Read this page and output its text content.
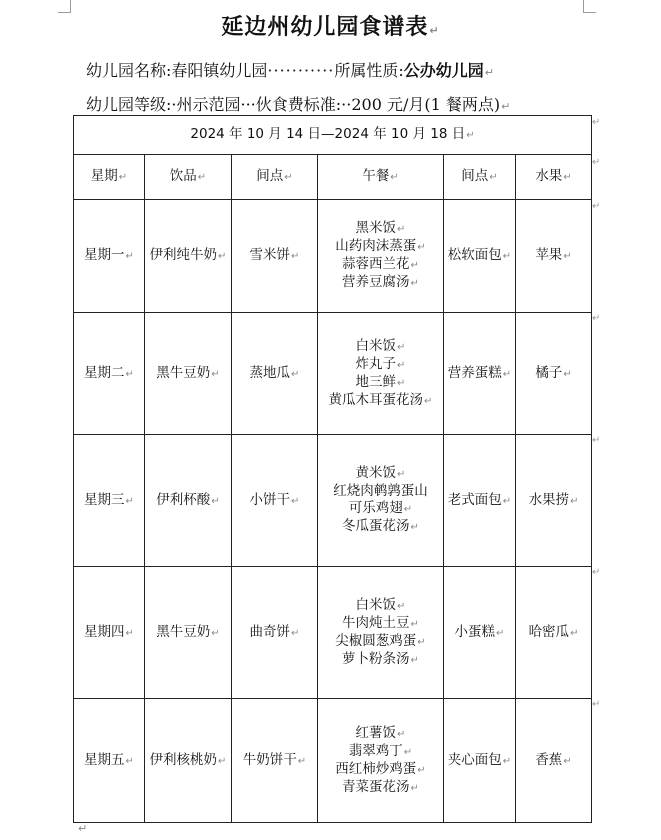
延边州幼儿园食谱表↵
幼儿园名称:春阳镇幼儿园···········所属性质:公办幼儿园↵
幼儿园等级:·州示范园···伙食费标准:··200 元/月(1 餐两点)↵
2024 年 10 月 14 日—2024 年 10 月 18 日↵					
星期↵	饮品↵	间点↵	午餐↵	间点↵	水果↵
星期一↵	伊利纯牛奶↵	雪米饼↵	黑米饭↵
山药肉沫蒸蛋↵
蒜蓉西兰花↵
营养豆腐汤↵	松软面包↵	苹果↵
星期二↵	黑牛豆奶↵	蒸地瓜↵	白米饭↵
炸丸子↵
地三鲜↵
黄瓜木耳蛋花汤↵	营养蛋糕↵	橘子↵
星期三↵	伊利杯酸↵	小饼干↵	黄米饭↵
红烧肉鹌鹑蛋山
可乐鸡翅↵
冬瓜蛋花汤↵	老式面包↵	水果捞↵
星期四↵	黑牛豆奶↵	曲奇饼↵	白米饭↵
牛肉炖土豆↵
尖椒圆葱鸡蛋↵
萝卜粉条汤↵	小蛋糕↵	哈密瓜↵
星期五↵	伊利核桃奶↵	牛奶饼干↵	红薯饭↵
翡翠鸡丁↵
西红柿炒鸡蛋↵
青菜蛋花汤↵	夹心面包↵	香蕉↵
↵
↵
↵
↵
↵
↵
↵
↵
